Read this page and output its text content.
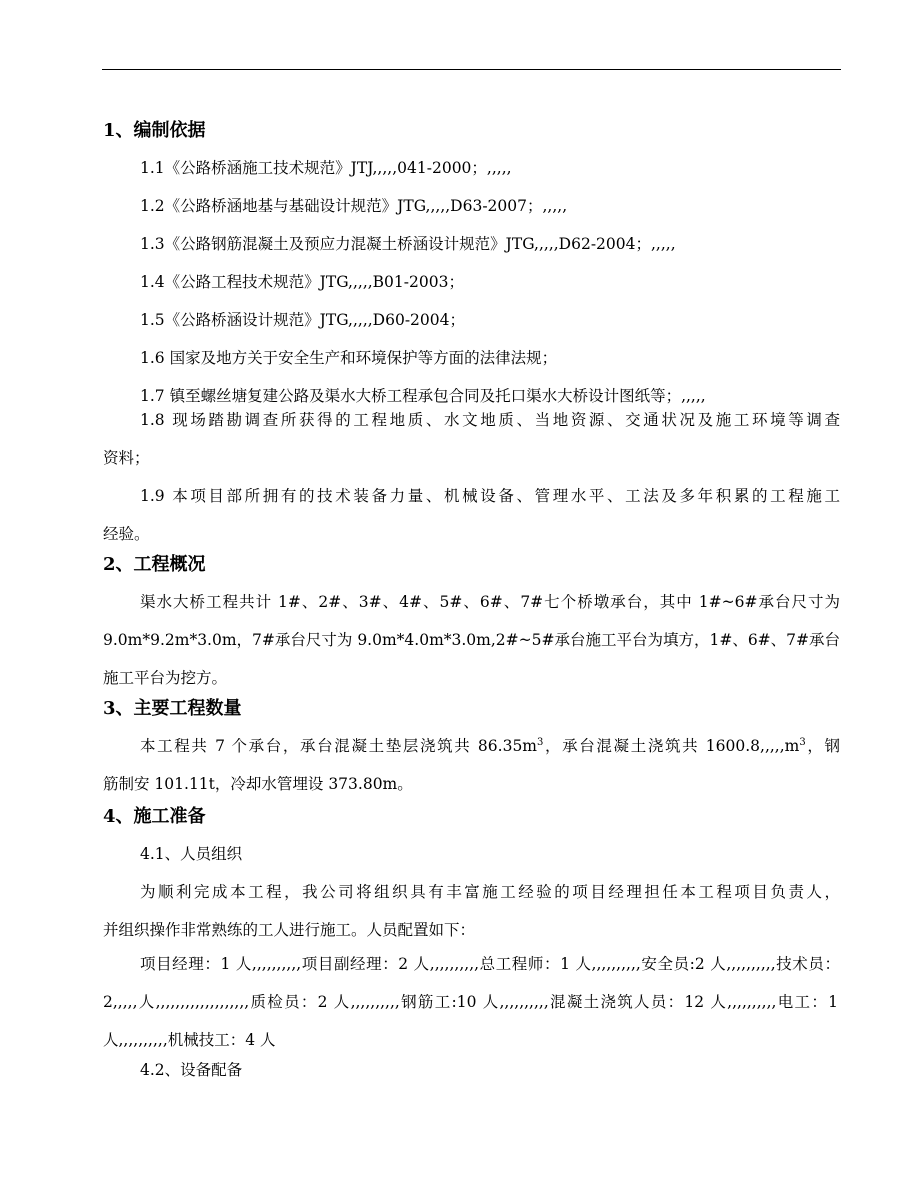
1、编制依据
1.1《公路桥涵施工技术规范》JTJ,,,,,041-2000；,,,,,
1.2《公路桥涵地基与基础设计规范》JTG,,,,,D63-2007；,,,,,
1.3《公路钢筋混凝土及预应力混凝土桥涵设计规范》JTG,,,,,D62-2004；,,,,,
1.4《公路工程技术规范》JTG,,,,,B01-2003；
1.5《公路桥涵设计规范》JTG,,,,,D60-2004；
1.6 国家及地方关于安全生产和环境保护等方面的法律法规；
1.7 镇至螺丝塘复建公路及渠水大桥工程承包合同及托口渠水大桥设计图纸等；,,,,,
1.8 现场踏勘调查所获得的工程地质、水文地质、当地资源、交通状况及施工环境等调查
资料；
1.9 本项目部所拥有的技术装备力量、机械设备、管理水平、工法及多年积累的工程施工
经验。
2、工程概况
渠水大桥工程共计 1#、2#、3#、4#、5#、6#、7#七个桥墩承台，其中 1#~6#承台尺寸为
9.0m*9.2m*3.0m，7#承台尺寸为 9.0m*4.0m*3.0m,2#~5#承台施工平台为填方，1#、6#、7#承台
施工平台为挖方。
3、主要工程数量
本工程共 7 个承台，承台混凝土垫层浇筑共 $86.35m^3$，承台混凝土浇筑共 $1600.8,,,,,m^3$，钢
筋制安 101.11t，冷却水管埋设 373.80m。
4、施工准备
4.1、人员组织
为顺利完成本工程，我公司将组织具有丰富施工经验的项目经理担任本工程项目负责人，
并组织操作非常熟练的工人进行施工。人员配置如下：
项目经理：1 人,,,,,,,,,,项目副经理：2 人,,,,,,,,,,总工程师：1 人,,,,,,,,,,安全员:2 人,,,,,,,,,,技术员：
2,,,,,人,,,,,,,,,,,,,,,,,,,质检员：2 人,,,,,,,,,,钢筋工:10 人,,,,,,,,,,混凝土浇筑人员：12 人,,,,,,,,,,电工：1
人,,,,,,,,,,机械技工：4 人
4.2、设备配备
